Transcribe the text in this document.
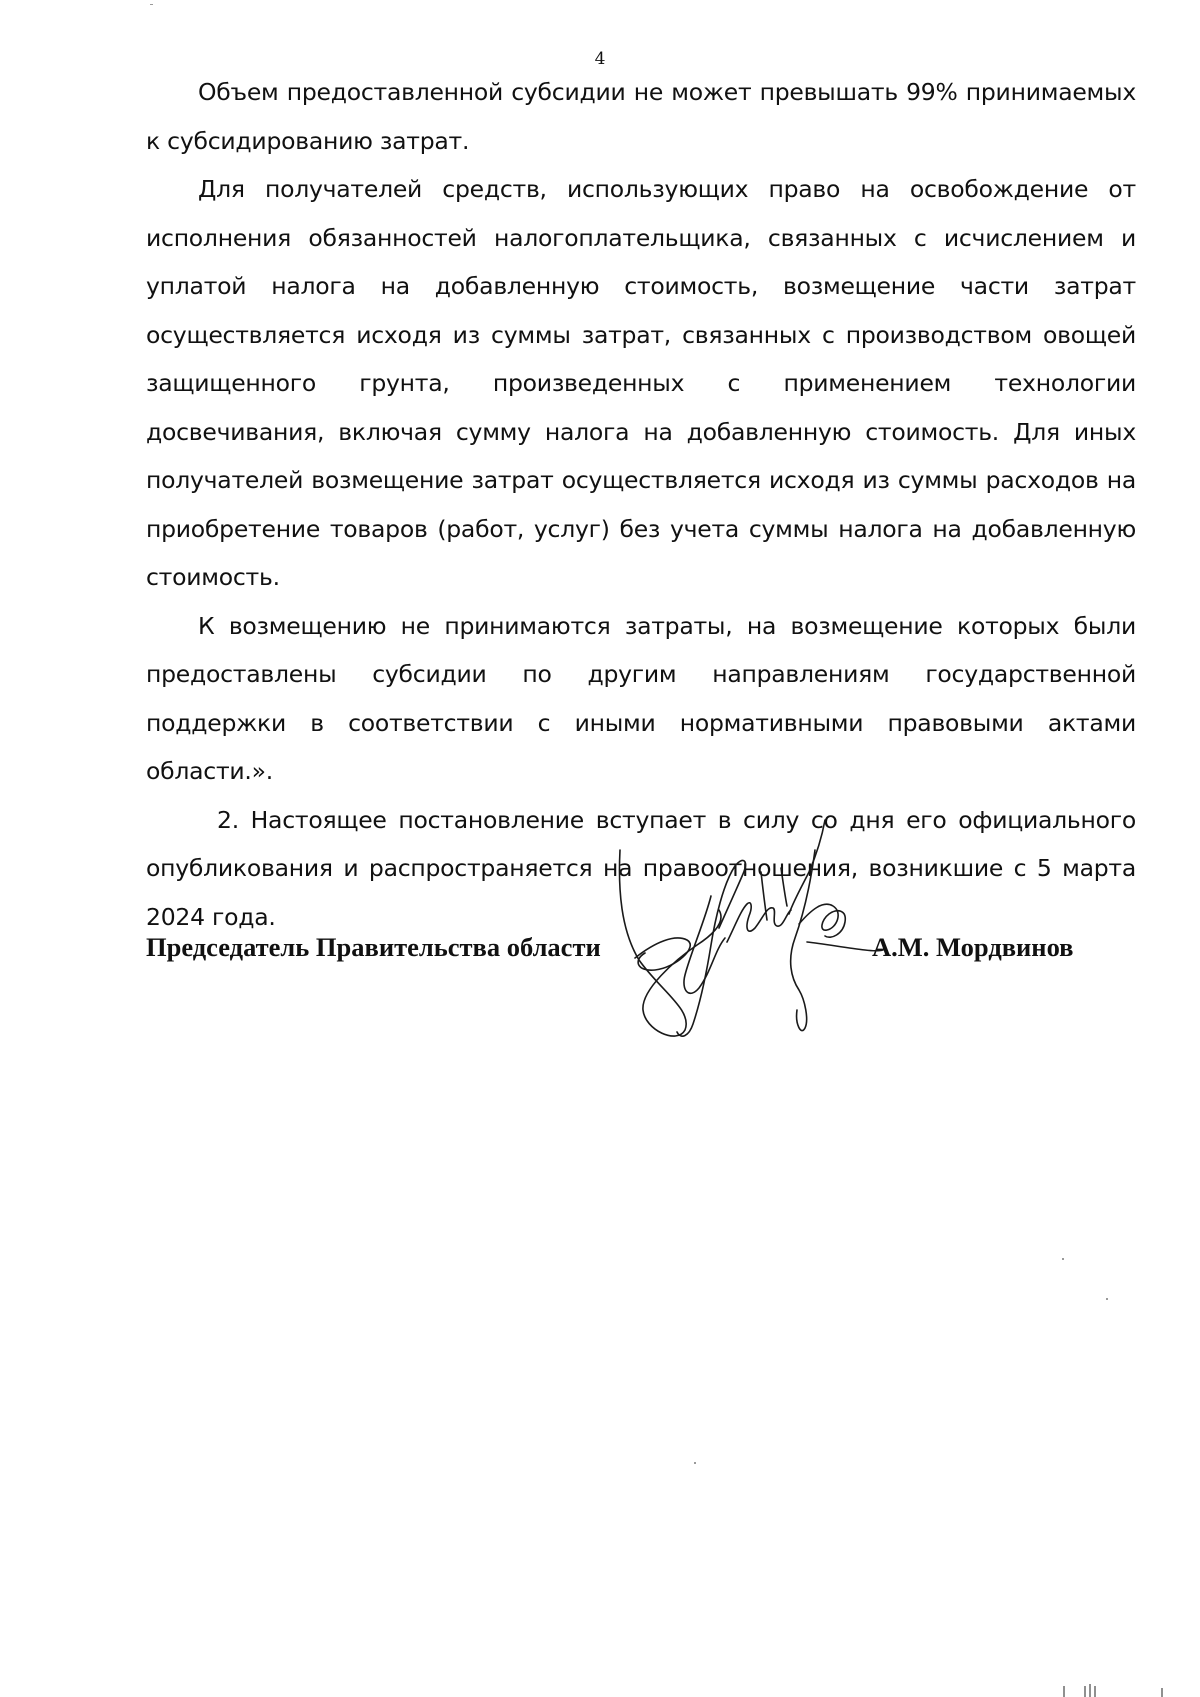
4

Объем предоставленной субсидии не может превышать 99% принимаемых к субсидированию затрат.

Для получателей средств, использующих право на освобождение от исполнения обязанностей налогоплательщика, связанных с исчислением и уплатой налога на добавленную стоимость, возмещение части затрат осуществляется исходя из суммы затрат, связанных с производством овощей защищенного грунта, произведенных с применением технологии досвечивания, включая сумму налога на добавленную стоимость. Для иных получателей возмещение затрат осуществляется исходя из суммы расходов на приобретение товаров (работ, услуг) без учета суммы налога на добавленную стоимость.

К возмещению не принимаются затраты, на возмещение которых были предоставлены субсидии по другим направлениям государственной поддержки в соответствии с иными нормативными правовыми актами области.».

2. Настоящее постановление вступает в силу со дня его официального опубликования и распространяется на правоотношения, возникшие с 5 марта 2024 года.

Председатель Правительства области	А.М. Мордвинов
